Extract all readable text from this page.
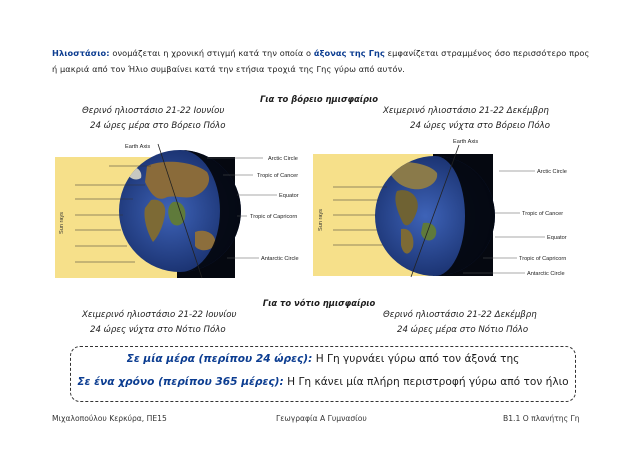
Ηλιοστάσιο: ονομάζεται η χρονική στιγμή κατά την οποία ο άξονας της Γης εμφανίζεται στραμμένος όσο περισσότερο προς ή μακριά από τον Ήλιο συμβαίνει κατά την ετήσια τροχιά της Γης γύρω από αυτόν.
Για το βόρειο ημισφαίριο
Θερινό ηλιοστάσιο 21-22 Ιουνίου
24 ώρες μέρα στο Βόρειο Πόλο
Χειμερινό ηλιοστάσιο 21-22 Δεκέμβρη
24 ώρες νύχτα στο Βόρειο Πόλο
Sun rays
Earth Axis
Arctic Circle
Tropic of Cancer
Equator
Tropic of Capricorn
Antarctic Circle
Sun rays
Earth Axis
Arctic Circle
Tropic of Cancer
Equator
Tropic of Capricorn
Antarctic Circle
Για το νότιο ημισφαίριο
Χειμερινό ηλιοστάσιο 21-22 Ιουνίου
24 ώρες νύχτα στο Νότιο Πόλο
Θερινό ηλιοστάσιο 21-22 Δεκέμβρη
24 ώρες μέρα στο Νότιο Πόλο
Σε μία μέρα (περίπου 24 ώρες): Η Γη γυρνάει γύρω από τον άξονά της
Σε ένα χρόνο (περίπου 365 μέρες): Η Γη κάνει μία πλήρη περιστροφή γύρω από τον ήλιο
Μιχαλοπούλου Κερκύρα, ΠΕ15	Γεωγραφία Α Γυμνασίου	Β1.1 Ο πλανήτης Γη
